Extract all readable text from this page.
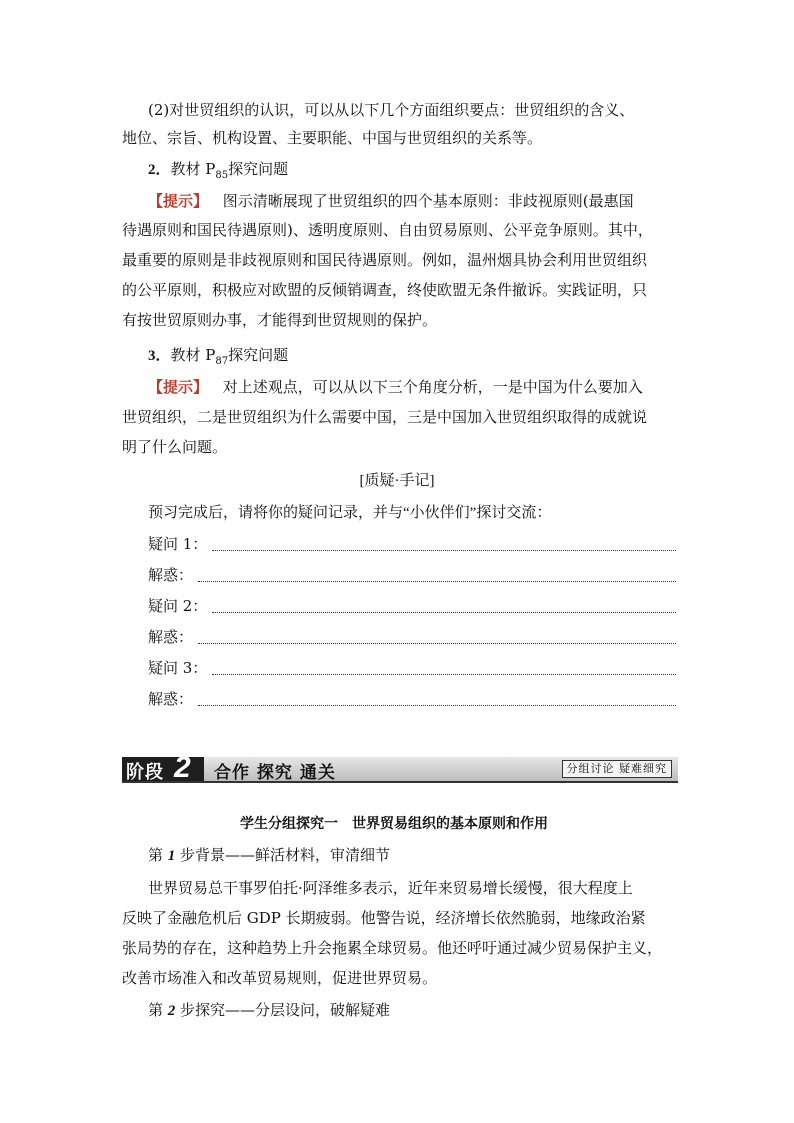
(2)对世贸组织的认识，可以从以下几个方面组织要点：世贸组织的含义、
地位、宗旨、机构设置、主要职能、中国与世贸组织的关系等。
2．教材 $P_{85}$探究问题
【提示】 图示清晰展现了世贸组织的四个基本原则：非歧视原则(最惠国
待遇原则和国民待遇原则)、透明度原则、自由贸易原则、公平竞争原则。其中，
最重要的原则是非歧视原则和国民待遇原则。例如，温州烟具协会利用世贸组织
的公平原则，积极应对欧盟的反倾销调查，终使欧盟无条件撤诉。实践证明，只
有按世贸原则办事，才能得到世贸规则的保护。
3．教材 $P_{87}$探究问题
【提示】 对上述观点，可以从以下三个角度分析，一是中国为什么要加入
世贸组织，二是世贸组织为什么需要中国，三是中国加入世贸组织取得的成就说
明了什么问题。
[质疑·手记]
预习完成后，请将你的疑问记录，并与“小伙伴们”探讨交流：
疑问 1：
解惑：
疑问 2：
解惑：
疑问 3：
解惑：
阶段 2	合作 探究 通关	分组讨论 疑难细究
学生分组探究一　世界贸易组织的基本原则和作用
第 1 步背景——鲜活材料，审清细节
世界贸易总干事罗伯托·阿泽维多表示，近年来贸易增长缓慢，很大程度上
反映了金融危机后 GDP 长期疲弱。他警告说，经济增长依然脆弱，地缘政治紧
张局势的存在，这种趋势上升会拖累全球贸易。他还呼吁通过减少贸易保护主义，
改善市场准入和改革贸易规则，促进世界贸易。
第 2 步探究——分层设问，破解疑难
